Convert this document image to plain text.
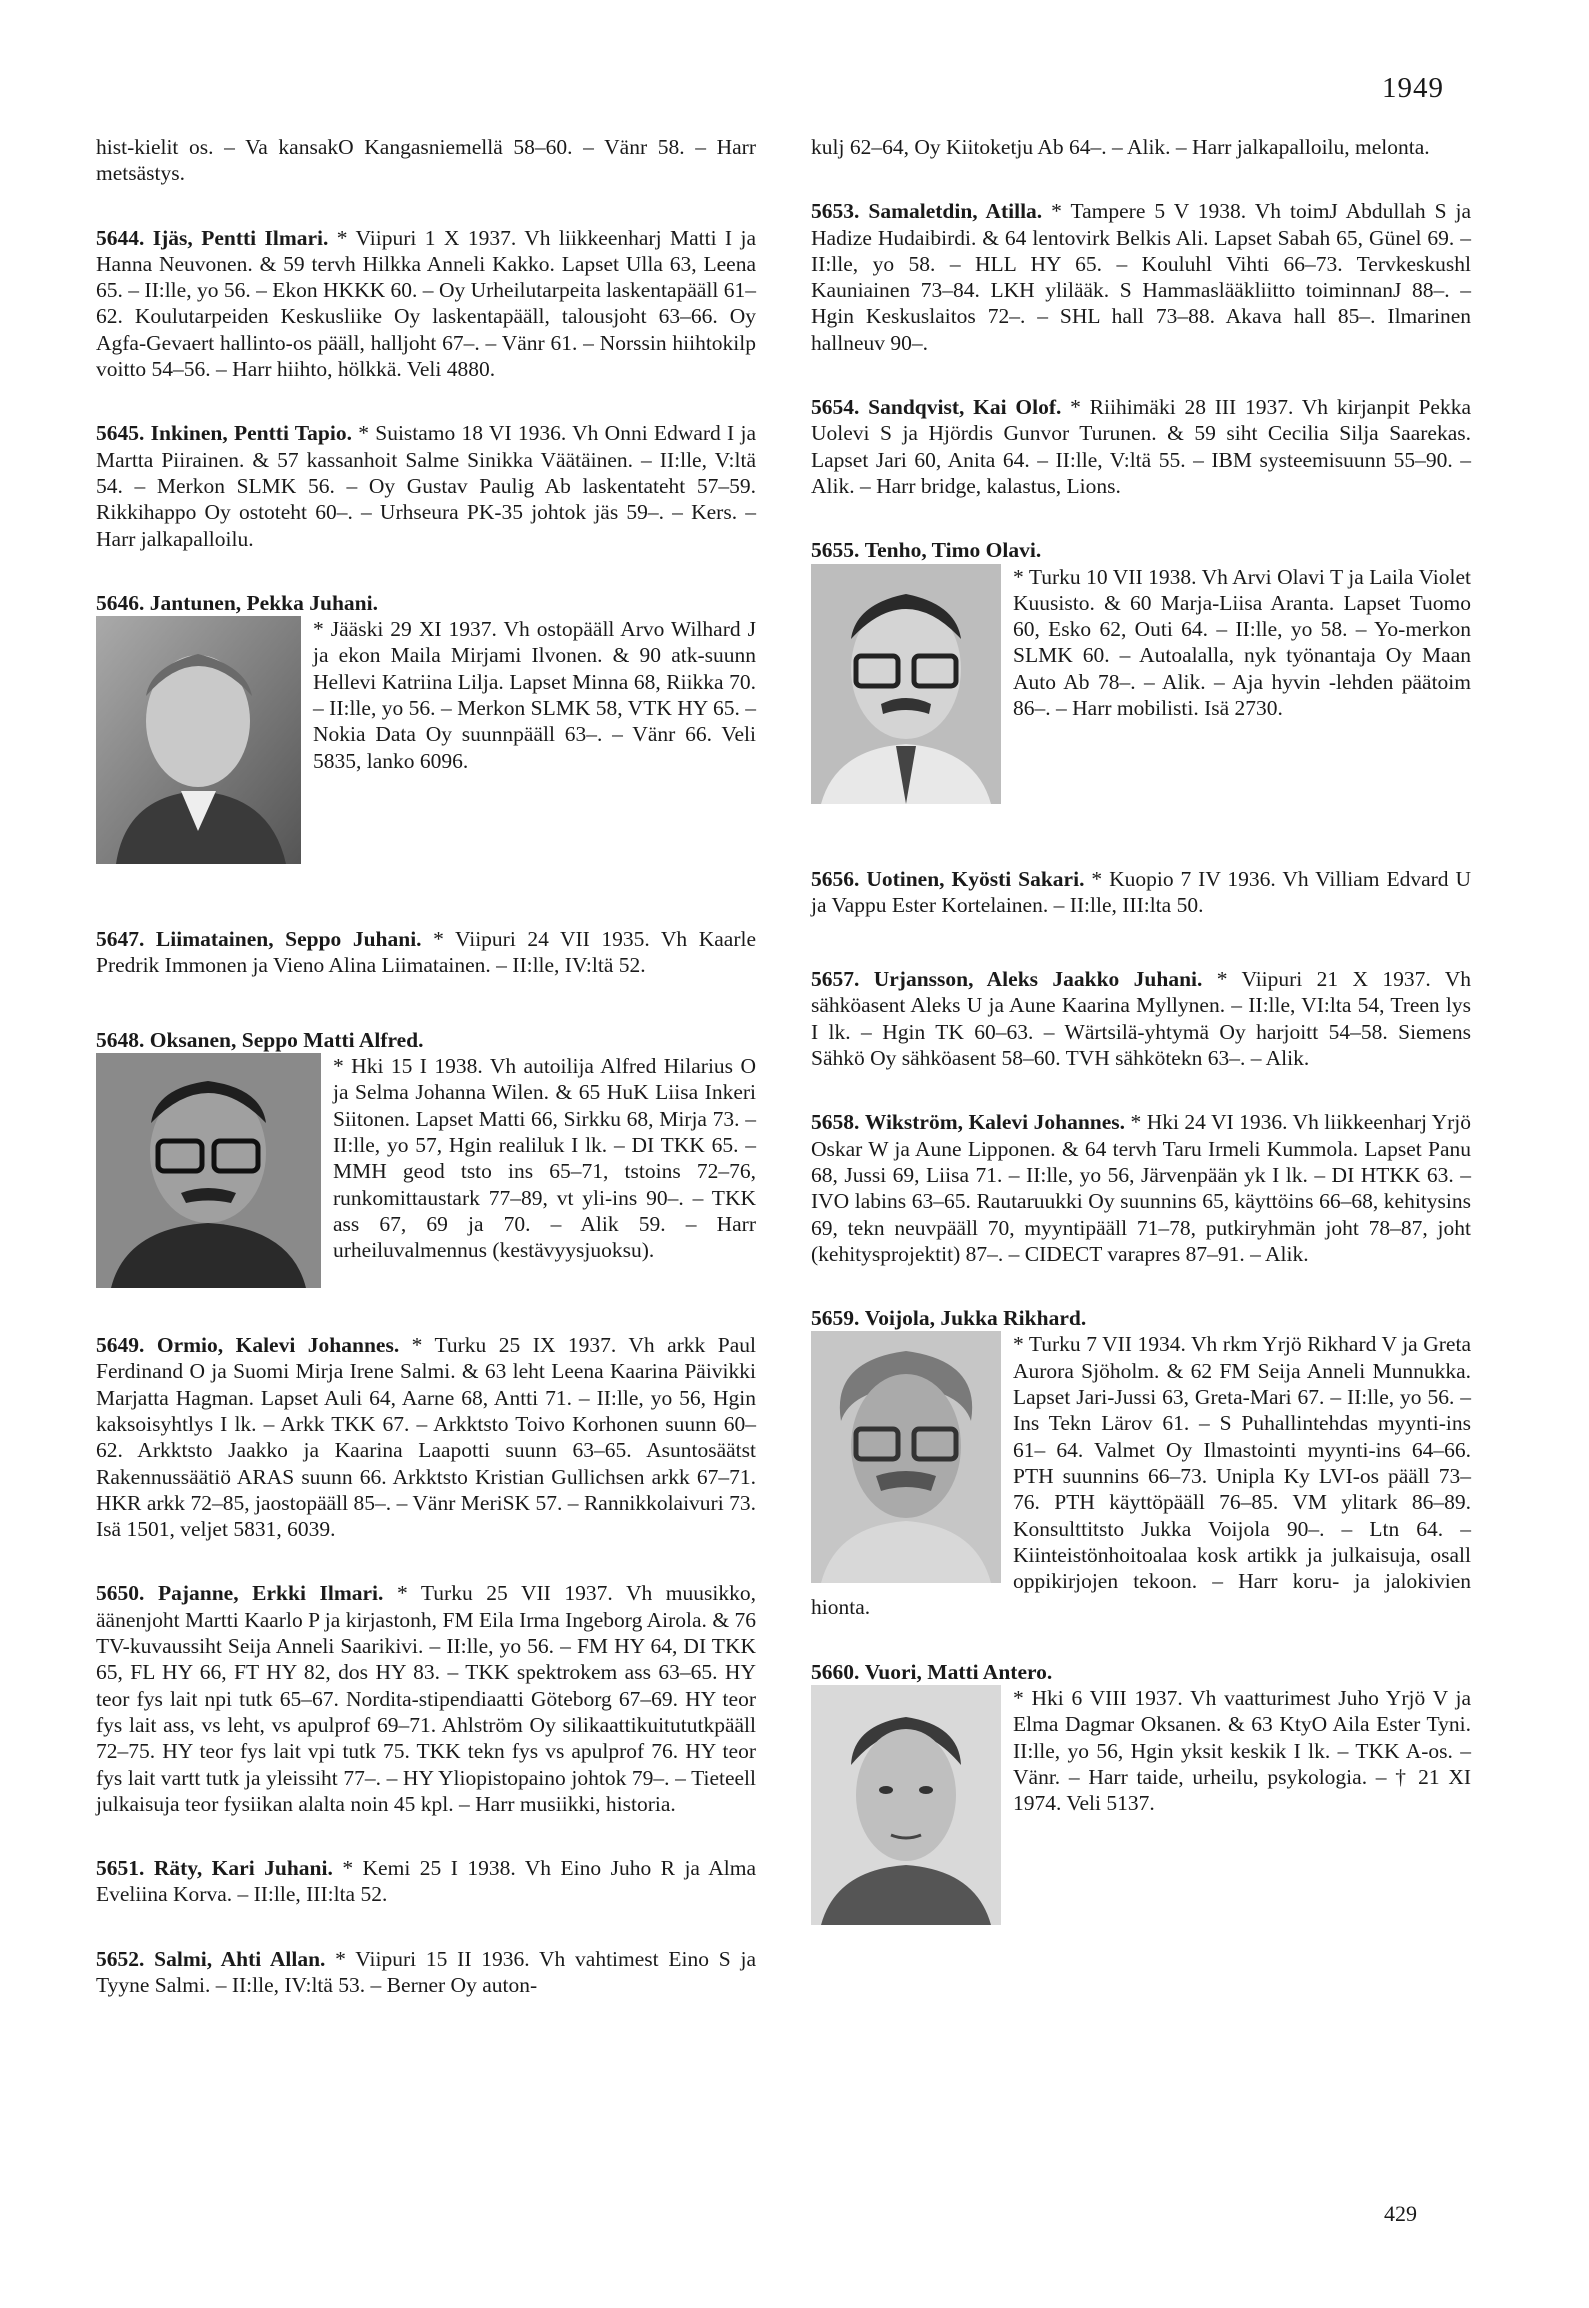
1949
hist-kielit os. – Va kansakO Kangasniemellä 58–60. – Vänr 58. – Harr metsästys.
5644. Ijäs, Pentti Ilmari. * Viipuri 1 X 1937. Vh liikkeenharj Matti I ja Hanna Neuvonen. & 59 tervh Hilkka Anneli Kakko. Lapset Ulla 63, Leena 65. – II:lle, yo 56. – Ekon HKKK 60. – Oy Urheilutarpeita laskentapääll 61–62. Koulutarpeiden Keskusliike Oy laskentapääll, talousjoht 63–66. Oy Agfa-Gevaert hallinto-os pääll, halljoht 67–. – Vänr 61. – Norssin hiihtokilp voitto 54–56. – Harr hiihto, hölkkä. Veli 4880.
5645. Inkinen, Pentti Tapio. * Suistamo 18 VI 1936. Vh Onni Edward I ja Martta Piirainen. & 57 kassanhoit Salme Sinikka Väätäinen. – II:lle, V:ltä 54. – Merkon SLMK 56. – Oy Gustav Paulig Ab laskentateht 57–59. Rikkihappo Oy ostoteht 60–. – Urhseura PK-35 johtok jäs 59–. – Kers. – Harr jalkapalloilu.
5646. Jantunen, Pekka Juhani.
* Jääski 29 XI 1937. Vh ostopääll Arvo Wilhard J ja ekon Maila Mirjami Ilvonen. & 90 atk-suunn Hellevi Katriina Lilja. Lapset Minna 68, Riikka 70. – II:lle, yo 56. – Merkon SLMK 58, VTK HY 65. – Nokia Data Oy suunnpääll 63–. – Vänr 66. Veli 5835, lanko 6096.
5647. Liimatainen, Seppo Juhani. * Viipuri 24 VII 1935. Vh Kaarle Predrik Immonen ja Vieno Alina Liimatainen. – II:lle, IV:ltä 52.
5648. Oksanen, Seppo Matti Alfred.
* Hki 15 I 1938. Vh autoilija Alfred Hilarius O ja Selma Johanna Wilen. & 65 HuK Liisa Inkeri Siitonen. Lapset Matti 66, Sirkku 68, Mirja 73. – II:lle, yo 57, Hgin realiluk I lk. – DI TKK 65. – MMH geod tsto ins 65–71, tstoins 72–76, runkomittaustark 77–89, vt yli-ins 90–. – TKK ass 67, 69 ja 70. – Alik 59. – Harr urheiluvalmennus (kestävyysjuoksu).
5649. Ormio, Kalevi Johannes. * Turku 25 IX 1937. Vh arkk Paul Ferdinand O ja Suomi Mirja Irene Salmi. & 63 leht Leena Kaarina Päivikki Marjatta Hagman. Lapset Auli 64, Aarne 68, Antti 71. – II:lle, yo 56, Hgin kaksoisyhtlys I lk. – Arkk TKK 67. – Arkktsto Toivo Korhonen suunn 60–62. Arkktsto Jaakko ja Kaarina Laapotti suunn 63–65. Asuntosäätst Rakennussäätiö ARAS suunn 66. Arkktsto Kristian Gullichsen arkk 67–71. HKR arkk 72–85, jaostopääll 85–. – Vänr MeriSK 57. – Rannikkolaivuri 73. Isä 1501, veljet 5831, 6039.
5650. Pajanne, Erkki Ilmari. * Turku 25 VII 1937. Vh muusikko, äänenjoht Martti Kaarlo P ja kirjastonh, FM Eila Irma Ingeborg Airola. & 76 TV-kuvaussiht Seija Anneli Saarikivi. – II:lle, yo 56. – FM HY 64, DI TKK 65, FL HY 66, FT HY 82, dos HY 83. – TKK spektrokem ass 63–65. HY teor fys lait npi tutk 65–67. Nordita-stipendiaatti Göteborg 67–69. HY teor fys lait ass, vs leht, vs apulprof 69–71. Ahlström Oy silikaattikuitututkpääll 72–75. HY teor fys lait vpi tutk 75. TKK tekn fys vs apulprof 76. HY teor fys lait vartt tutk ja yleissiht 77–. – HY Yliopistopaino johtok 79–. – Tieteell julkaisuja teor fysiikan alalta noin 45 kpl. – Harr musiikki, historia.
5651. Räty, Kari Juhani. * Kemi 25 I 1938. Vh Eino Juho R ja Alma Eveliina Korva. – II:lle, III:lta 52.
5652. Salmi, Ahti Allan. * Viipuri 15 II 1936. Vh vahtimest Eino S ja Tyyne Salmi. – II:lle, IV:ltä 53. – Berner Oy auton-
kulj 62–64, Oy Kiitoketju Ab 64–. – Alik. – Harr jalkapalloilu, melonta.
5653. Samaletdin, Atilla. * Tampere 5 V 1938. Vh toimJ Abdullah S ja Hadize Hudaibirdi. & 64 lentovirk Belkis Ali. Lapset Sabah 65, Günel 69. – II:lle, yo 58. – HLL HY 65. – Kouluhl Vihti 66–73. Tervkeskushl Kauniainen 73–84. LKH ylilääk. S Hammaslääkliitto toiminnanJ 88–. – Hgin Keskuslaitos 72–. – SHL hall 73–88. Akava hall 85–. Ilmarinen hallneuv 90–.
5654. Sandqvist, Kai Olof. * Riihimäki 28 III 1937. Vh kirjanpit Pekka Uolevi S ja Hjördis Gunvor Turunen. & 59 siht Cecilia Silja Saarekas. Lapset Jari 60, Anita 64. – II:lle, V:ltä 55. – IBM systeemisuunn 55–90. – Alik. – Harr bridge, kalastus, Lions.
5655. Tenho, Timo Olavi.
* Turku 10 VII 1938. Vh Arvi Olavi T ja Laila Violet Kuusisto. & 60 Marja-Liisa Aranta. Lapset Tuomo 60, Esko 62, Outi 64. – II:lle, yo 58. – Yo-merkon SLMK 60. – Autoalalla, nyk työnantaja Oy Maan Auto Ab 78–. – Alik. – Aja hyvin -lehden päätoim 86–. – Harr mobilisti. Isä 2730.
5656. Uotinen, Kyösti Sakari. * Kuopio 7 IV 1936. Vh Villiam Edvard U ja Vappu Ester Kortelainen. – II:lle, III:lta 50.
5657. Urjansson, Aleks Jaakko Juhani. * Viipuri 21 X 1937. Vh sähköasent Aleks U ja Aune Kaarina Myllynen. – II:lle, VI:lta 54, Treen lys I lk. – Hgin TK 60–63. – Wärtsilä-yhtymä Oy harjoitt 54–58. Siemens Sähkö Oy sähköasent 58–60. TVH sähkötekn 63–. – Alik.
5658. Wikström, Kalevi Johannes. * Hki 24 VI 1936. Vh liikkeenharj Yrjö Oskar W ja Aune Lipponen. & 64 tervh Taru Irmeli Kummola. Lapset Panu 68, Jussi 69, Liisa 71. – II:lle, yo 56, Järvenpään yk I lk. – DI HTKK 63. – IVO labins 63–65. Rautaruukki Oy suunnins 65, käyttöins 66–68, kehitysins 69, tekn neuvpääll 70, myyntipääll 71–78, putkiryhmän joht 78–87, joht (kehitysprojektit) 87–. – CIDECT varapres 87–91. – Alik.
5659. Voijola, Jukka Rikhard.
* Turku 7 VII 1934. Vh rkm Yrjö Rikhard V ja Greta Aurora Sjöholm. & 62 FM Seija Anneli Munnukka. Lapset Jari-Jussi 63, Greta-Mari 67. – II:lle, yo 56. – Ins Tekn Lärov 61. – S Puhallintehdas myynti-ins 61– 64. Valmet Oy Ilmastointi myynti-ins 64–66. PTH suunnins 66–73. Unipla Ky LVI-os pääll 73–76. PTH käyttöpääll 76–85. VM ylitark 86–89. Konsulttitsto Jukka Voijola 90–. – Ltn 64. – Kiinteistönhoitoalaa kosk artikk ja julkaisuja, osall oppikirjojen tekoon. – Harr koru- ja jalokivien hionta.
5660. Vuori, Matti Antero.
* Hki 6 VIII 1937. Vh vaatturimest Juho Yrjö V ja Elma Dagmar Oksanen. & 63 KtyO Aila Ester Tyni. II:lle, yo 56, Hgin yksit keskik I lk. – TKK A-os. – Vänr. – Harr taide, urheilu, psykologia. – † 21 XI 1974. Veli 5137.
429
